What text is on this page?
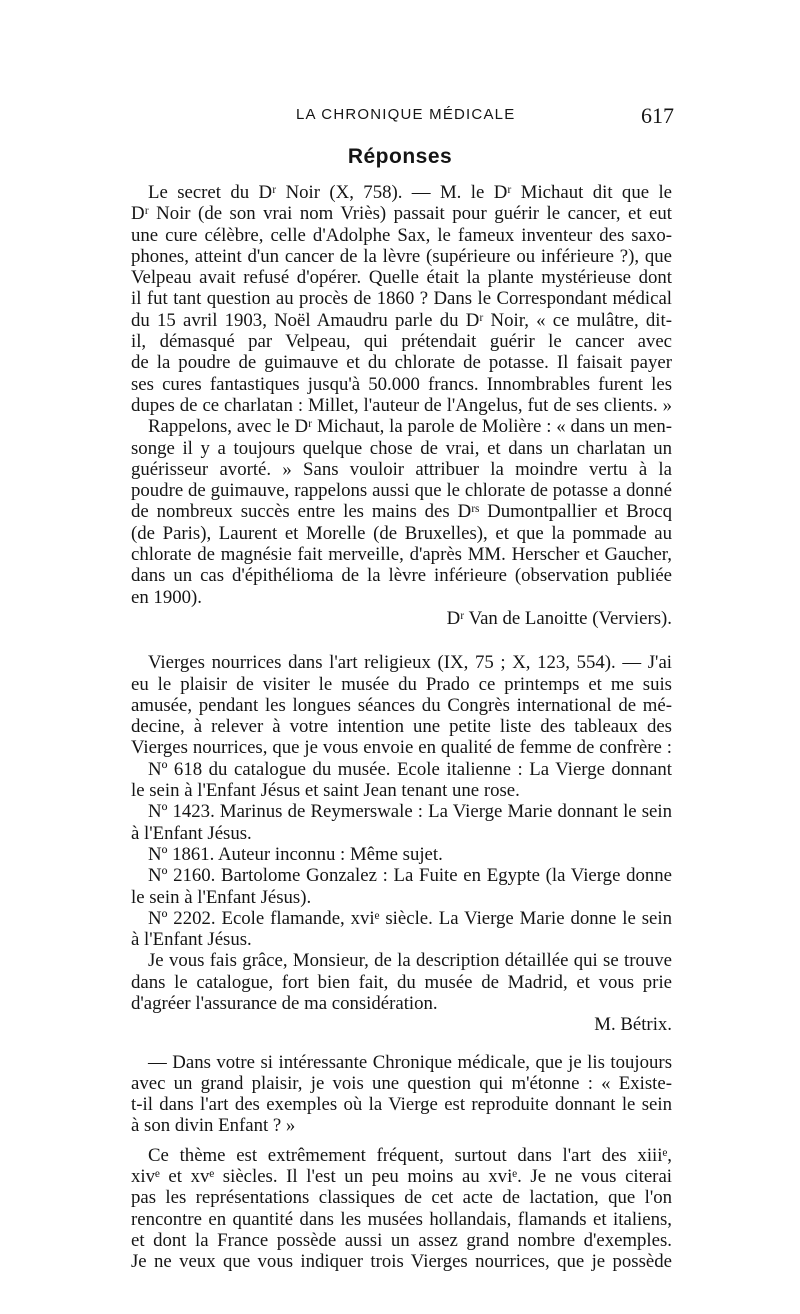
LA CHRONIQUE MÉDICALE	617
Réponses
Le secret du Dʳ Noir (X, 758). — M. le Dʳ Michaut dit que le
Dʳ Noir (de son vrai nom Vriès) passait pour guérir le cancer, et eut
une cure célèbre, celle d'Adolphe Sax, le fameux inventeur des saxo-
phones, atteint d'un cancer de la lèvre (supérieure ou inférieure ?), que
Velpeau avait refusé d'opérer. Quelle était la plante mystérieuse dont
il fut tant question au procès de 1860 ? Dans le Correspondant médical
du 15 avril 1903, Noël Amaudru parle du Dʳ Noir, « ce mulâtre, dit-
il, démasqué par Velpeau, qui prétendait guérir le cancer avec
de la poudre de guimauve et du chlorate de potasse. Il faisait payer
ses cures fantastiques jusqu'à 50.000 francs. Innombrables furent les
dupes de ce charlatan : Millet, l'auteur de l'Angelus, fut de ses clients. »
Rappelons, avec le Dʳ Michaut, la parole de Molière : « dans un men-
songe il y a toujours quelque chose de vrai, et dans un charlatan un
guérisseur avorté. » Sans vouloir attribuer la moindre vertu à la
poudre de guimauve, rappelons aussi que le chlorate de potasse a donné
de nombreux succès entre les mains des Dʳˢ Dumontpallier et Brocq
(de Paris), Laurent et Morelle (de Bruxelles), et que la pommade au
chlorate de magnésie fait merveille, d'après MM. Herscher et Gaucher,
dans un cas d'épithélioma de la lèvre inférieure (observation publiée
en 1900).
Dʳ Van de Lanoitte (Verviers).
Vierges nourrices dans l'art religieux (IX, 75 ; X, 123, 554). — J'ai
eu le plaisir de visiter le musée du Prado ce printemps et me suis
amusée, pendant les longues séances du Congrès international de mé-
decine, à relever à votre intention une petite liste des tableaux des
Vierges nourrices, que je vous envoie en qualité de femme de confrère :
Nº 618 du catalogue du musée. Ecole italienne : La Vierge donnant
le sein à l'Enfant Jésus et saint Jean tenant une rose.
Nº 1423. Marinus de Reymerswale : La Vierge Marie donnant le sein
à l'Enfant Jésus.
Nº 1861. Auteur inconnu : Même sujet.
Nº 2160. Bartolome Gonzalez : La Fuite en Egypte (la Vierge donne
le sein à l'Enfant Jésus).
Nº 2202. Ecole flamande, xviᵉ siècle. La Vierge Marie donne le sein
à l'Enfant Jésus.
Je vous fais grâce, Monsieur, de la description détaillée qui se trouve
dans le catalogue, fort bien fait, du musée de Madrid, et vous prie
d'agréer l'assurance de ma considération.
M. Bétrix.
— Dans votre si intéressante Chronique médicale, que je lis toujours
avec un grand plaisir, je vois une question qui m'étonne : « Existe-
t-il dans l'art des exemples où la Vierge est reproduite donnant le sein
à son divin Enfant ? »
Ce thème est extrêmement fréquent, surtout dans l'art des xiiiᵉ,
xivᵉ et xvᵉ siècles. Il l'est un peu moins au xviᵉ. Je ne vous citerai
pas les représentations classiques de cet acte de lactation, que l'on
rencontre en quantité dans les musées hollandais, flamands et italiens,
et dont la France possède aussi un assez grand nombre d'exemples.
Je ne veux que vous indiquer trois Vierges nourrices, que je possède
